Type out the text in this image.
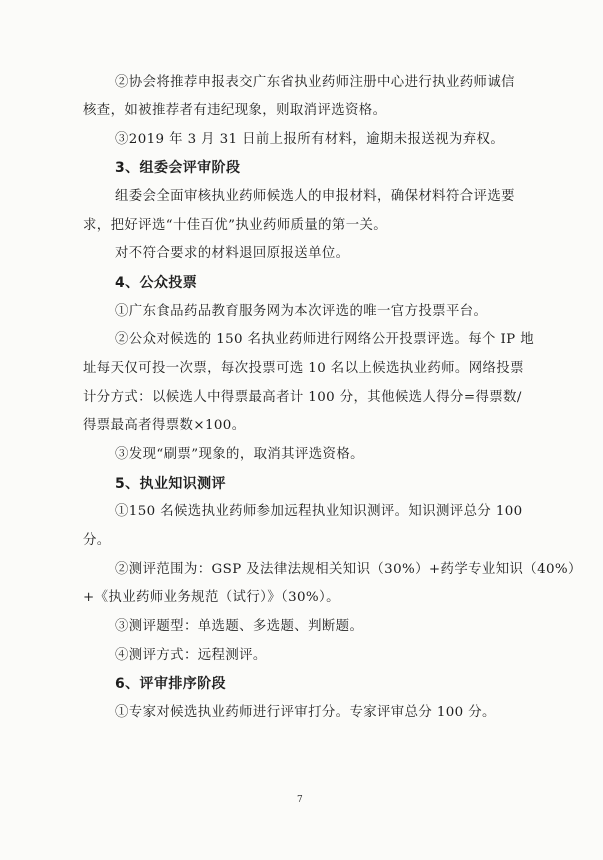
②协会将推荐申报表交广东省执业药师注册中心进行执业药师诚信
核查，如被推荐者有违纪现象，则取消评选资格。
③2019 年 3 月 31 日前上报所有材料，逾期未报送视为弃权。
3、组委会评审阶段
组委会全面审核执业药师候选人的申报材料，确保材料符合评选要
求，把好评选“十佳百优”执业药师质量的第一关。
对不符合要求的材料退回原报送单位。
4、公众投票
①广东食品药品教育服务网为本次评选的唯一官方投票平台。
②公众对候选的 150 名执业药师进行网络公开投票评选。每个 IP 地
址每天仅可投一次票，每次投票可选 10 名以上候选执业药师。网络投票
计分方式：以候选人中得票最高者计 100 分，其他候选人得分=得票数/
得票最高者得票数×100。
③发现“刷票”现象的，取消其评选资格。
5、执业知识测评
①150 名候选执业药师参加远程执业知识测评。知识测评总分 100
分。
②测评范围为：GSP 及法律法规相关知识（30%）+药学专业知识（40%）
+《执业药师业务规范（试行）》（30%）。
③测评题型：单选题、多选题、判断题。
④测评方式：远程测评。
6、评审排序阶段
①专家对候选执业药师进行评审打分。专家评审总分 100 分。
7
